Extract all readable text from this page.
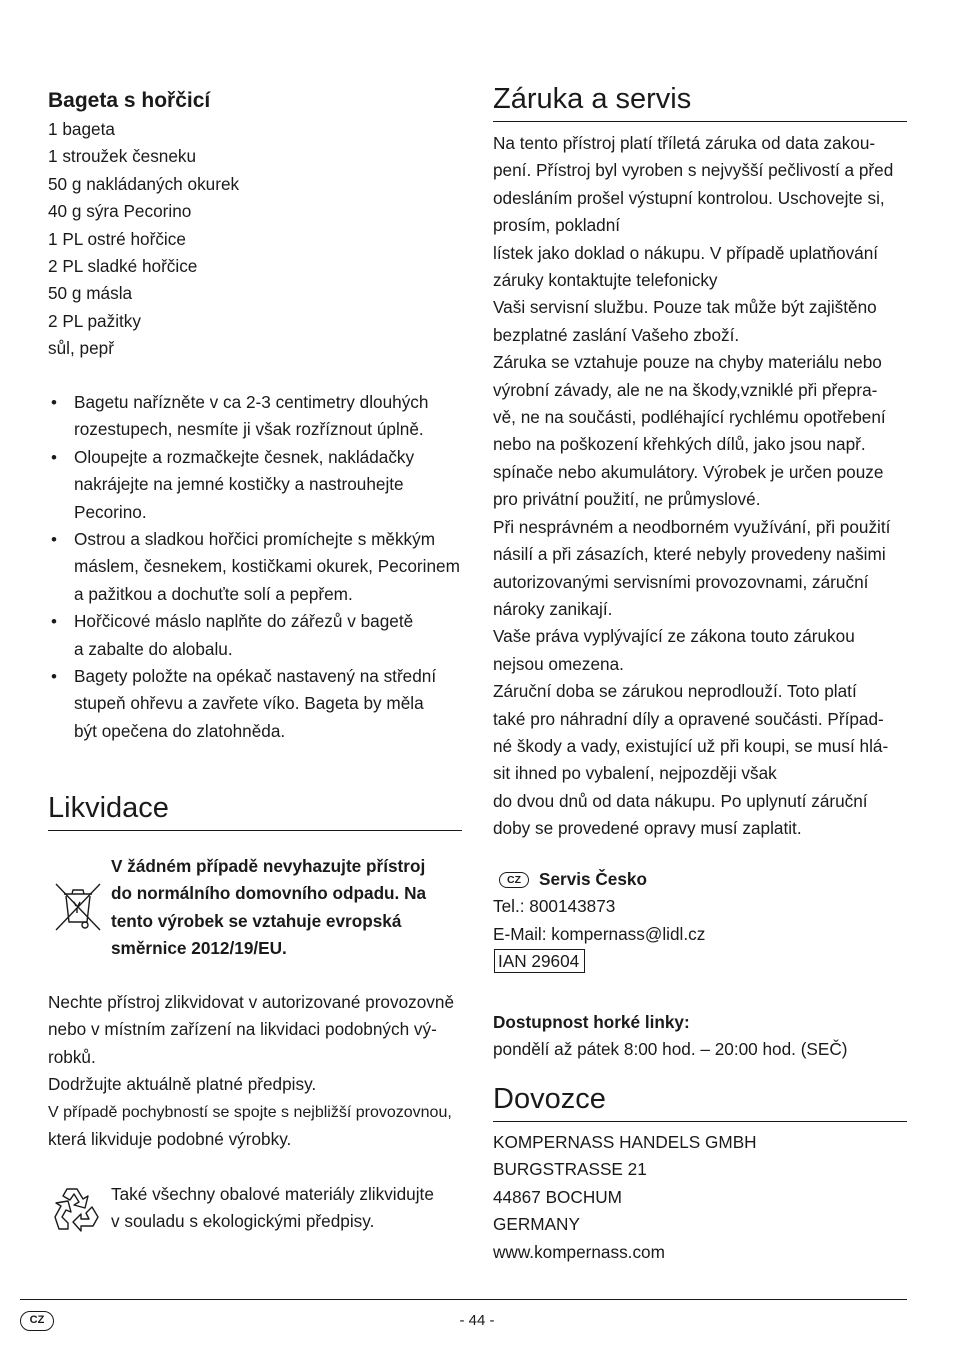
Bageta s hořčicí
1 bageta
1 stroužek česneku
50 g nakládaných okurek
40 g sýra Pecorino
1 PL ostré hořčice
2 PL sladké hořčice
50 g másla
2 PL pažitky
sůl, pepř
• Bagetu nařízněte v ca 2-3 centimetry dlouhých
rozestupech, nesmíte ji však rozříznout úplně.
• Oloupejte a rozmačkejte česnek, nakládačky
nakrájejte na jemné kostičky a nastrouhejte
Pecorino.
• Ostrou a sladkou hořčici promíchejte s měkkým
máslem, česnekem, kostičkami okurek, Pecorinem
a pažitkou a dochuťte solí a pepřem.
• Hořčicové máslo naplňte do zářezů v bagetě
a zabalte do alobalu.
• Bagety položte na opékač nastavený na střední
stupeň ohřevu a zavřete víko. Bageta by měla
být opečena do zlatohněda.
Likvidace
V žádném případě nevyhazujte přístroj
do normálního domovního odpadu. Na
tento výrobek se vztahuje evropská
směrnice 2012/19/EU.
Nechte přístroj zlikvidovat v autorizované provozovně
nebo v místním zařízení na likvidaci podobných vý-
robků.
Dodržujte aktuálně platné předpisy.
V případě pochybností se spojte s nejbližší provozovnou,
která likviduje podobné výrobky.
Také všechny obalové materiály zlikvidujte
v souladu s ekologickými předpisy.
Záruka a servis
Na tento přístroj platí tříletá záruka od data zakou-
pení. Přístroj byl vyroben s nejvyšší pečlivostí a před
odesláním prošel výstupní kontrolou. Uschovejte si,
prosím, pokladní
lístek jako doklad o nákupu. V případě uplatňování
záruky kontaktujte telefonicky
Vaši servisní službu. Pouze tak může být zajištěno
bezplatné zaslání Vašeho zboží.
Záruka se vztahuje pouze na chyby materiálu nebo
výrobní závady, ale ne na škody,vzniklé při přepra-
vě, ne na součásti, podléhající rychlému opotřebení
nebo na poškození křehkých dílů, jako jsou např.
spínače nebo akumulátory. Výrobek je určen pouze
pro privátní použití, ne průmyslové.
Při nesprávném a neodborném využívání, při použití
násilí a při zásazích, které nebyly provedeny našimi
autorizovanými servisními provozovnami, záruční
nároky zanikají.
Vaše práva vyplývající ze zákona touto zárukou
nejsou omezena.
Záruční doba se zárukou neprodlouží. Toto platí
také pro náhradní díly a opravené součásti. Případ-
né škody a vady, existující už při koupi, se musí hlá-
sit ihned po vybalení, nejpozději však
do dvou dnů od data nákupu. Po uplynutí záruční
doby se provedené opravy musí zaplatit.
CZ Servis Česko
Tel.: 800143873
E-Mail: kompernass@lidl.cz
IAN 29604
Dostupnost horké linky:
pondělí až pátek 8:00 hod. – 20:00 hod. (SEČ)
Dovozce
KOMPERNASS HANDELS GMBH
BURGSTRASSE 21
44867 BOCHUM
GERMANY
www.kompernass.com
CZ	- 44 -
